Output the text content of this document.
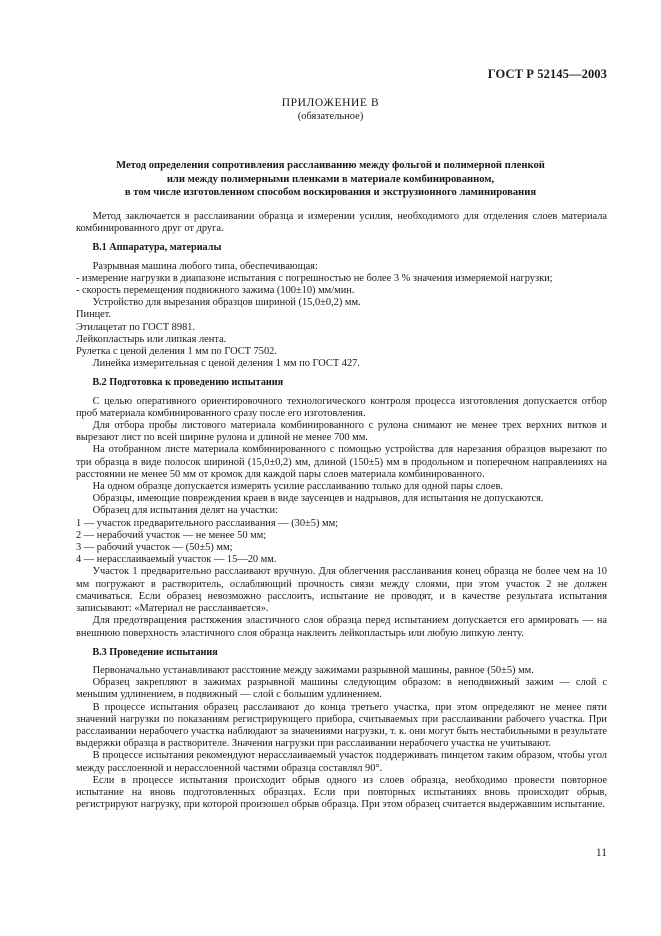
ГОСТ Р 52145—2003
ПРИЛОЖЕНИЕ В
(обязательное)
Метод определения сопротивления расслаиванию между фольгой и полимерной пленкой
или между полимерными пленками в материале комбинированном,
в том числе изготовленном способом воскирования и экструзионного ламинирования

Метод заключается в расслаивании образца и измерении усилия, необходимого для отделения слоев материала комбинированного друг от друга.

В.1 Аппаратура, материалы

Разрывная машина любого типа, обеспечивающая:

- измерение нагрузки в диапазоне испытания с погрешностью не более 3 % значения измеряемой нагрузки;

- скорость перемещения подвижного зажима (100±10) мм/мин.

Устройство для вырезания образцов шириной (15,0±0,2) мм.

Пинцет.

Этилацетат по ГОСТ 8981.

Лейкопластырь или липкая лента.

Рулетка с ценой деления 1 мм по ГОСТ 7502.

Линейка измерительная с ценой деления 1 мм по ГОСТ 427.

В.2 Подготовка к проведению испытания

С целью оперативного ориентировочного технологического контроля процесса изготовления допускается отбор проб материала комбинированного сразу после его изготовления.

Для отбора пробы листового материала комбинированного с рулона снимают не менее трех верхних витков и вырезают лист по всей ширине рулона и длиной не менее 700 мм.

На отобранном листе материала комбинированного с помощью устройства для нарезания образцов вырезают по три образца в виде полосок шириной (15,0±0,2) мм, длиной (150±5) мм в продольном и поперечном направлениях на расстоянии не менее 50 мм от кромок для каждой пары слоев материала комбинированного.

На одном образце допускается измерять усилие расслаиванию только для одной пары слоев.

Образцы, имеющие повреждения краев в виде заусенцев и надрывов, для испытания не допускаются.

Образец для испытания делят на участки:

1 — участок предварительного расслаивания — (30±5) мм;

2 — нерабочий участок — не менее 50 мм;

3 — рабочий участок — (50±5) мм;

4 — нерасслаиваемый участок — 15—20 мм.

Участок 1 предварительно расслаивают вручную. Для облегчения расслаивания конец образца не более чем на 10 мм погружают в растворитель, ослабляющий прочность связи между слоями, при этом участок 2 не должен смачиваться. Если образец невозможно расслоить, испытание не проводят, и в качестве результата испытания записывают: «Материал не расслаивается».

Для предотвращения растяжения эластичного слоя образца перед испытанием допускается его армировать — на внешнюю поверхность эластичного слоя образца наклеить лейкопластырь или любую липкую ленту.

В.3 Проведение испытания

Первоначально устанавливают расстояние между зажимами разрывной машины, равное (50±5) мм.

Образец закрепляют в зажимах разрывной машины следующим образом: в неподвижный зажим — слой с меньшим удлинением, в подвижный — слой с большим удлинением.

В процессе испытания образец расслаивают до конца третьего участка, при этом определяют не менее пяти значений нагрузки по показаниям регистрирующего прибора, считываемых при расслаивании рабочего участка. При расслаивании нерабочего участка наблюдают за значениями нагрузки, т. к. они могут быть нестабильными в результате выдержки образца в растворителе. Значения нагрузки при расслаивании нерабочего участка не учитывают.

В процессе испытания рекомендуют нерасслаиваемый участок поддерживать пинцетом таким образом, чтобы угол между расслоенной и нерасслоенной частями образца составлял 90°.

Если в процессе испытания происходит обрыв одного из слоев образца, необходимо провести повторное испытание на вновь подготовленных образцах. Если при повторных испытаниях вновь происходит обрыв, регистрируют нагрузку, при которой произошел обрыв образца. При этом образец считается выдержавшим испытание.

11
